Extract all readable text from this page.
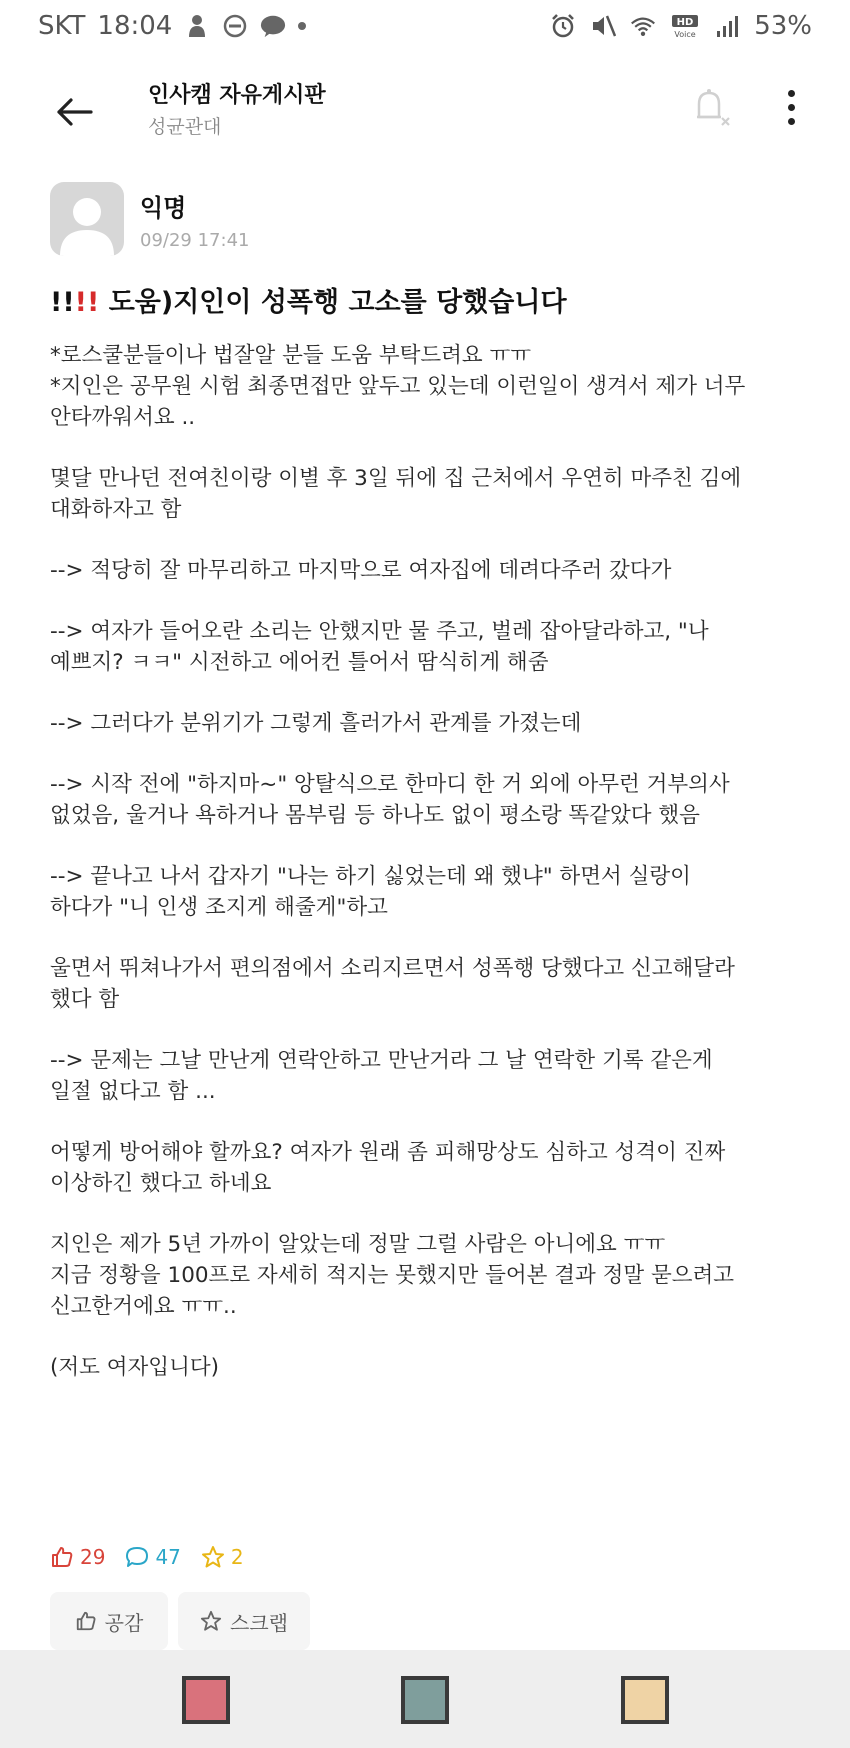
SKT 18:04	HD
Voice 53%
인사캠 자유게시판
성균관대
익명
09/29 17:41
!!!! 도움)지인이 성폭행 고소를 당했습니다
*로스쿨분들이나 법잘알 분들 도움 부탁드려요 ㅠㅠ
*지인은 공무원 시험 최종면접만 앞두고 있는데 이런일이 생겨서 제가 너무
안타까워서요 ..
몇달 만나던 전여친이랑 이별 후 3일 뒤에 집 근처에서 우연히 마주친 김에
대화하자고 함
--> 적당히 잘 마무리하고 마지막으로 여자집에 데려다주러 갔다가
--> 여자가 들어오란 소리는 안했지만 물 주고, 벌레 잡아달라하고, "나
예쁘지? ㅋㅋ" 시전하고 에어컨 틀어서 땀식히게 해줌
--> 그러다가 분위기가 그렇게 흘러가서 관계를 가졌는데
--> 시작 전에 "하지마~" 앙탈식으로 한마디 한 거 외에 아무런 거부의사
없었음, 울거나 욕하거나 몸부림 등 하나도 없이 평소랑 똑같았다 했음
--> 끝나고 나서 갑자기 "나는 하기 싫었는데 왜 했냐" 하면서 실랑이
하다가 "니 인생 조지게 해줄게"하고
울면서 뛰쳐나가서 편의점에서 소리지르면서 성폭행 당했다고 신고해달라
했다 함
--> 문제는 그날 만난게 연락안하고 만난거라 그 날 연락한 기록 같은게
일절 없다고 함 ...
어떻게 방어해야 할까요? 여자가 원래 좀 피해망상도 심하고 성격이 진짜
이상하긴 했다고 하네요
지인은 제가 5년 가까이 알았는데 정말 그럴 사람은 아니에요 ㅠㅠ
지금 정황을 100프로 자세히 적지는 못했지만 들어본 결과 정말 묻으려고
신고한거에요 ㅠㅠ..
(저도 여자입니다)
29	47	2
공감	스크랩
